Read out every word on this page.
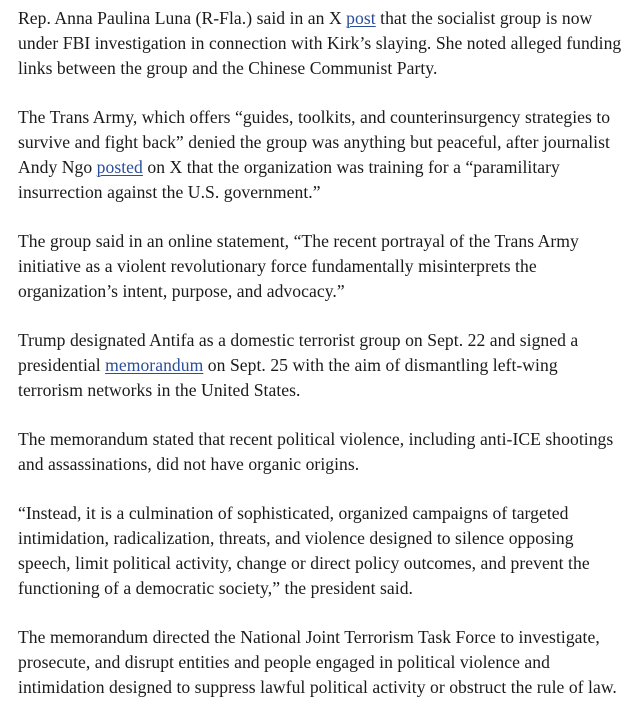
Rep. Anna Paulina Luna (R-Fla.) said in an X post that the socialist group is now under FBI investigation in connection with Kirk’s slaying. She noted alleged funding links between the group and the Chinese Communist Party.

The Trans Army, which offers “guides, toolkits, and counterinsurgency strategies to survive and fight back” denied the group was anything but peaceful, after journalist Andy Ngo posted on X that the organization was training for a “paramilitary insurrection against the U.S. government.”

The group said in an online statement, “The recent portrayal of the Trans Army initiative as a violent revolutionary force fundamentally misinterprets the organization’s intent, purpose, and advocacy.”

Trump designated Antifa as a domestic terrorist group on Sept. 22 and signed a presidential memorandum on Sept. 25 with the aim of dismantling left-wing terrorism networks in the United States.

The memorandum stated that recent political violence, including anti-ICE shootings and assassinations, did not have organic origins.

“Instead, it is a culmination of sophisticated, organized campaigns of targeted intimidation, radicalization, threats, and violence designed to silence opposing speech, limit political activity, change or direct policy outcomes, and prevent the functioning of a democratic society,” the president said.

The memorandum directed the National Joint Terrorism Task Force to investigate, prosecute, and disrupt entities and people engaged in political violence and intimidation designed to suppress lawful political activity or obstruct the rule of law.
